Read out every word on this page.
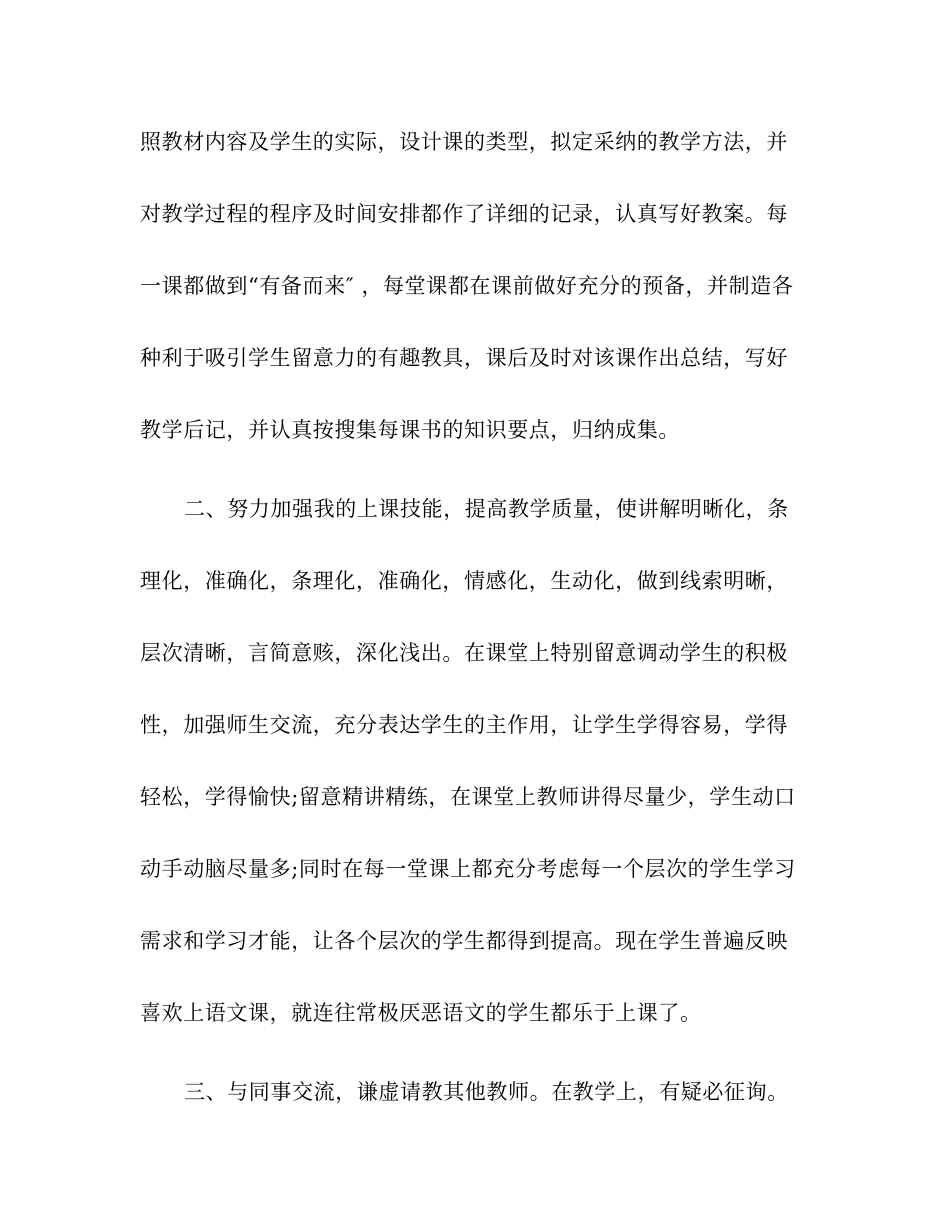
照教材内容及学生的实际，设计课的类型，拟定采纳的教学方法，并
对教学过程的程序及时间安排都作了详细的记录，认真写好教案。每
一课都做到“有备而来″ ，每堂课都在课前做好充分的预备，并制造各
种利于吸引学生留意力的有趣教具，课后及时对该课作出总结，写好
教学后记，并认真按搜集每课书的知识要点，归纳成集。
二、努力加强我的上课技能，提高教学质量，使讲解明晰化，条
理化，准确化，条理化，准确化，情感化，生动化，做到线索明晰，
层次清晰，言简意赅，深化浅出。在课堂上特别留意调动学生的积极
性，加强师生交流，充分表达学生的主作用，让学生学得容易，学得
轻松，学得愉快;留意精讲精练，在课堂上教师讲得尽量少，学生动口
动手动脑尽量多;同时在每一堂课上都充分考虑每一个层次的学生学习
需求和学习才能，让各个层次的学生都得到提高。现在学生普遍反映
喜欢上语文课，就连往常极厌恶语文的学生都乐于上课了。
三、与同事交流，谦虚请教其他教师。在教学上，有疑必征询。
